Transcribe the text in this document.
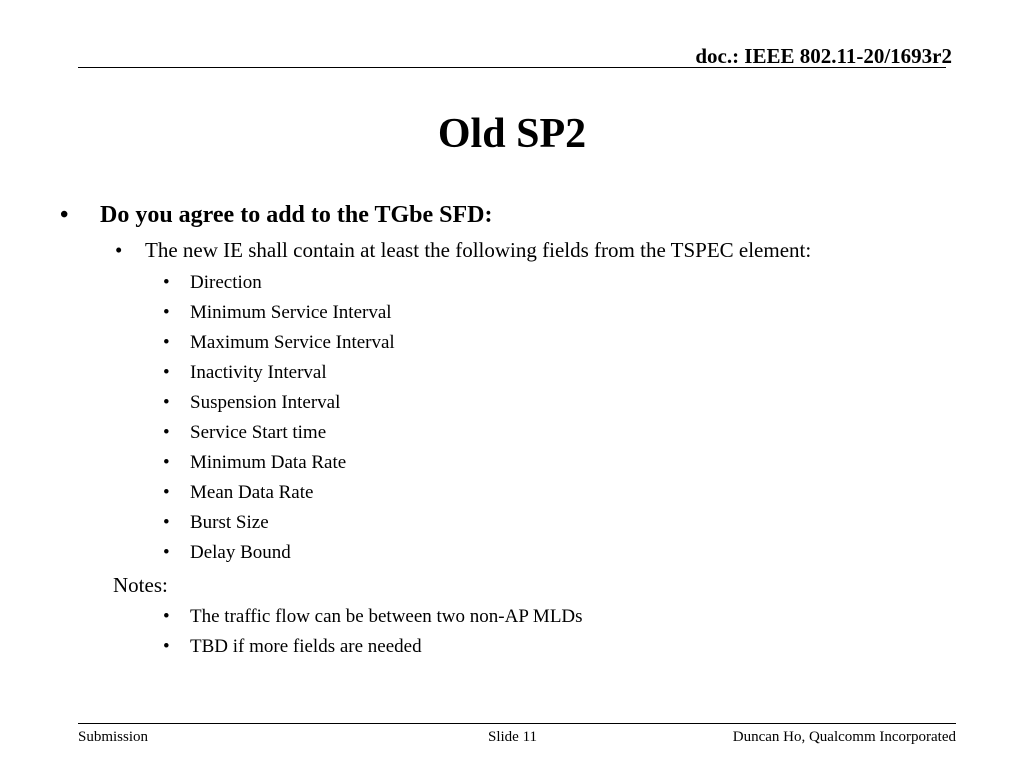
doc.: IEEE 802.11-20/1693r2
Old SP2
• Do you agree to add to the TGbe SFD:
• The new IE shall contain at least the following fields from the TSPEC element:
• Direction
• Minimum Service Interval
• Maximum Service Interval
• Inactivity Interval
• Suspension Interval
• Service Start time
• Minimum Data Rate
• Mean Data Rate
• Burst Size
• Delay Bound
Notes:
• The traffic flow can be between two non-AP MLDs
• TBD if more fields are needed
Submission	Slide 11	Duncan Ho, Qualcomm Incorporated
